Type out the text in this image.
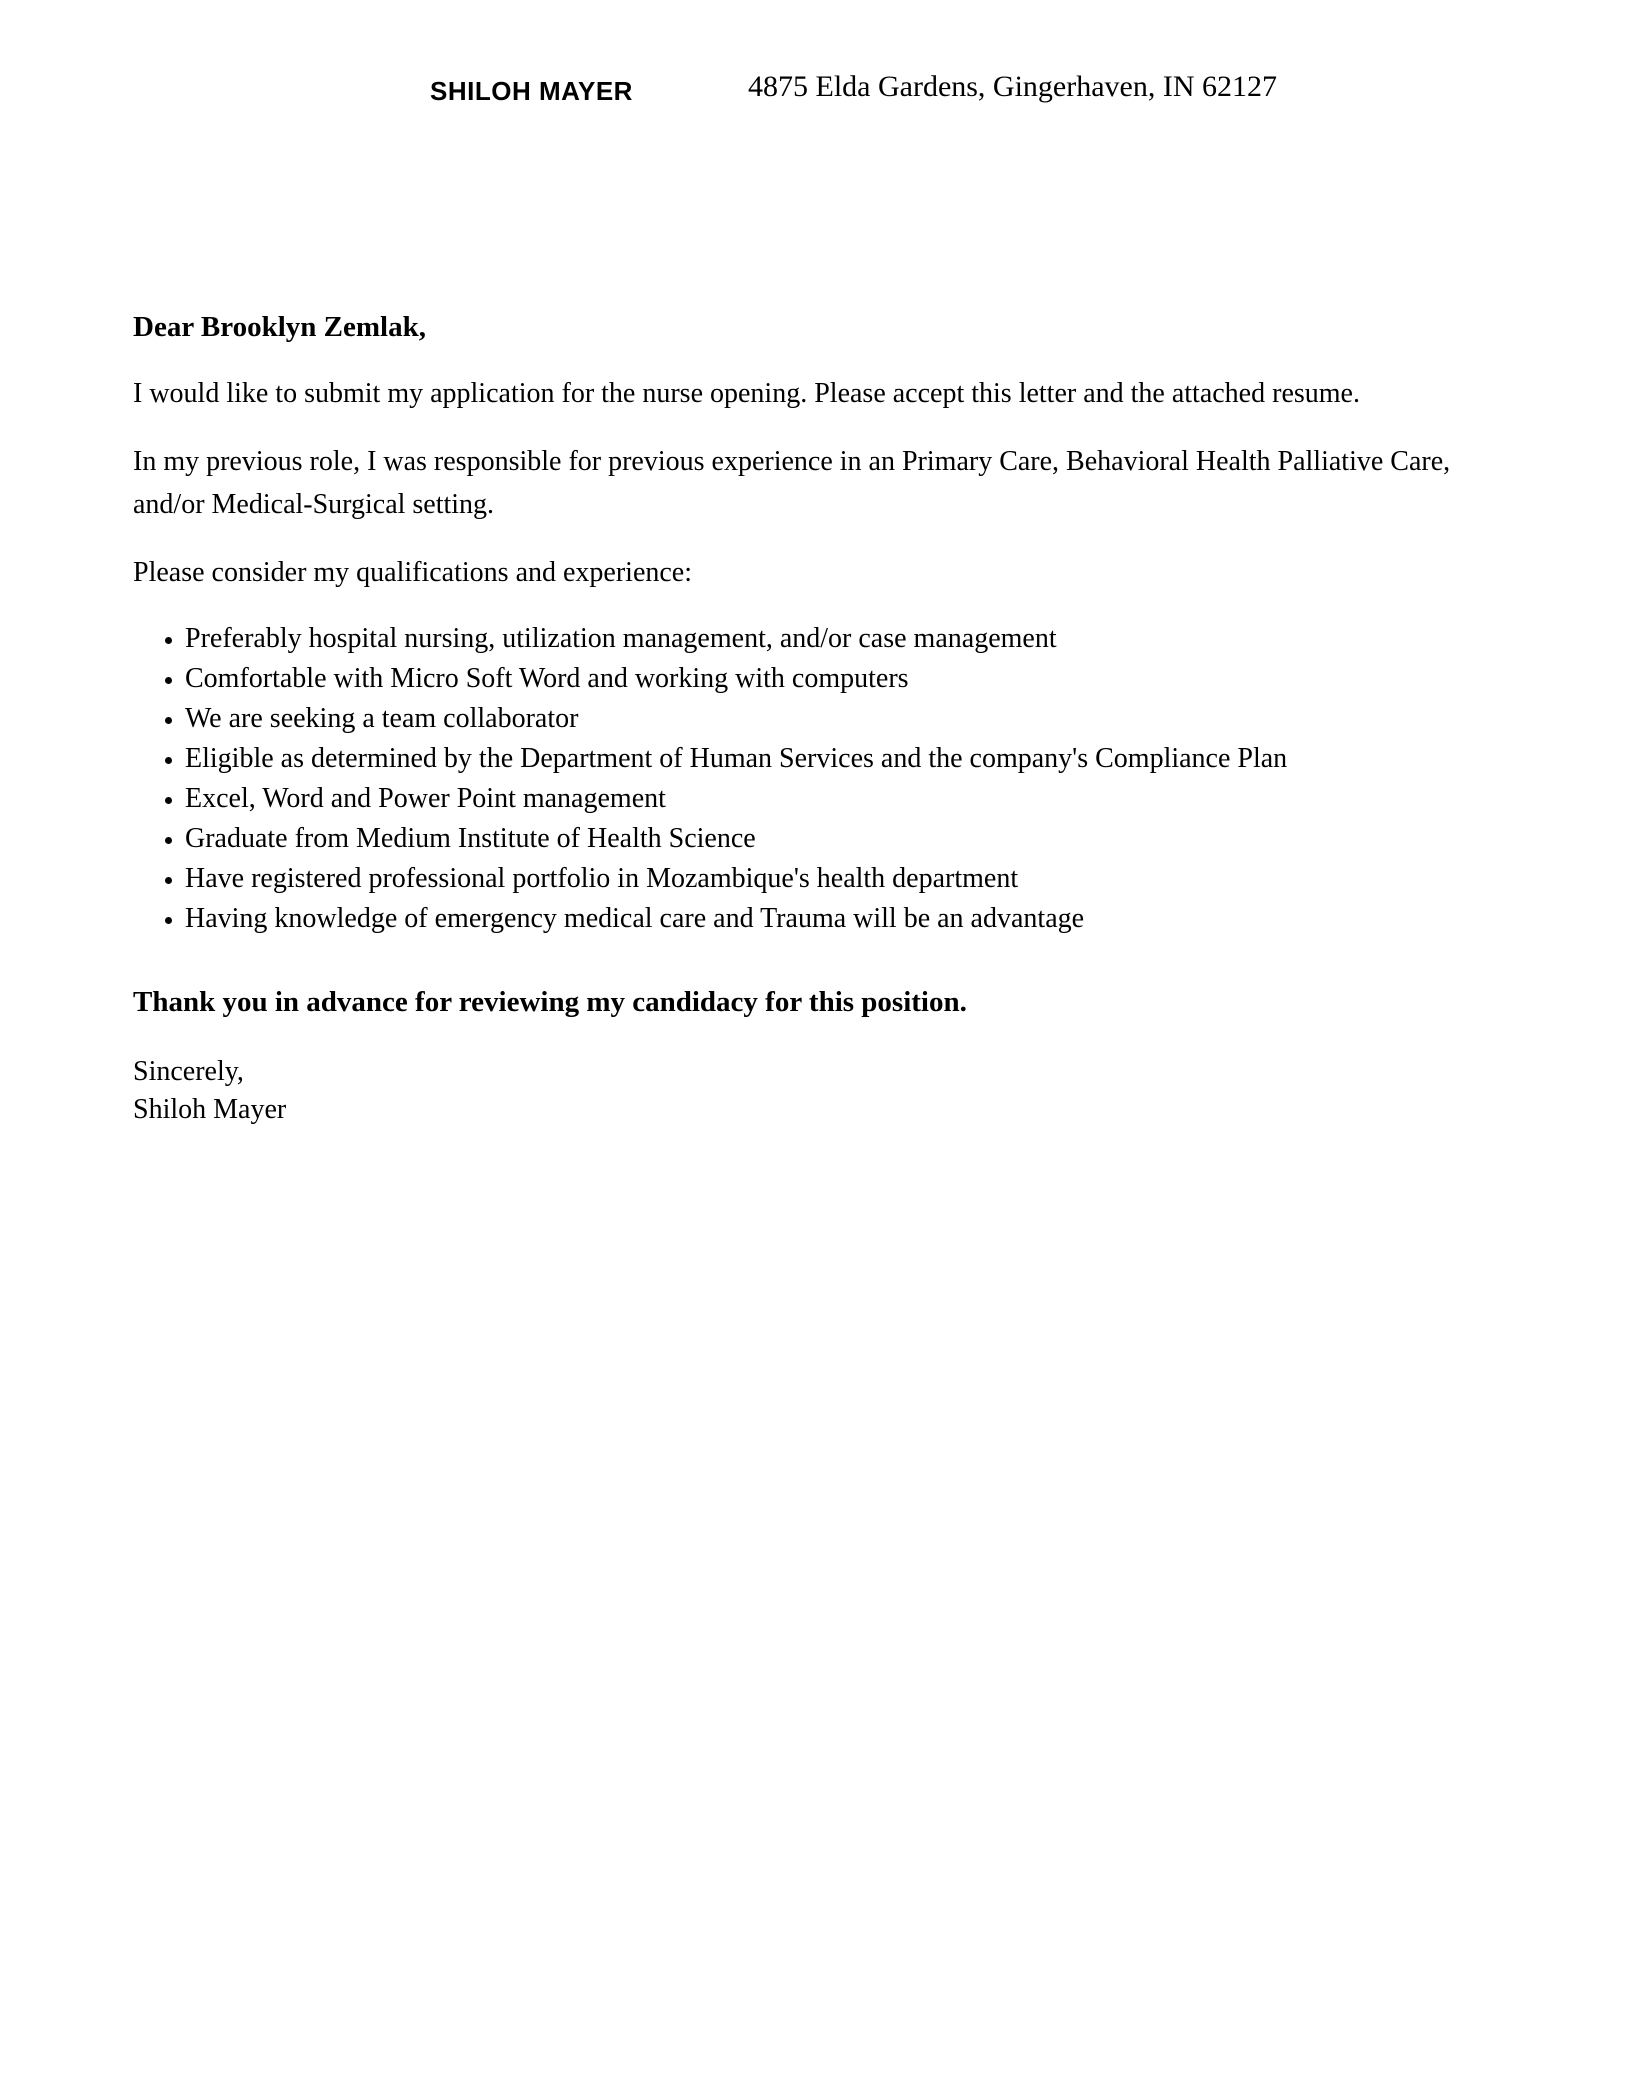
SHILOH MAYER	4875 Elda Gardens, Gingerhaven, IN 62127

Dear Brooklyn Zemlak,

I would like to submit my application for the nurse opening. Please accept this letter and the attached resume.

In my previous role, I was responsible for previous experience in an Primary Care, Behavioral Health Palliative Care, and/or Medical-Surgical setting.

Please consider my qualifications and experience:

• Preferably hospital nursing, utilization management, and/or case management
• Comfortable with Micro Soft Word and working with computers
• We are seeking a team collaborator
• Eligible as determined by the Department of Human Services and the company's Compliance Plan
• Excel, Word and Power Point management
• Graduate from Medium Institute of Health Science
• Have registered professional portfolio in Mozambique's health department
• Having knowledge of emergency medical care and Trauma will be an advantage

Thank you in advance for reviewing my candidacy for this position.

Sincerely,

Shiloh Mayer
